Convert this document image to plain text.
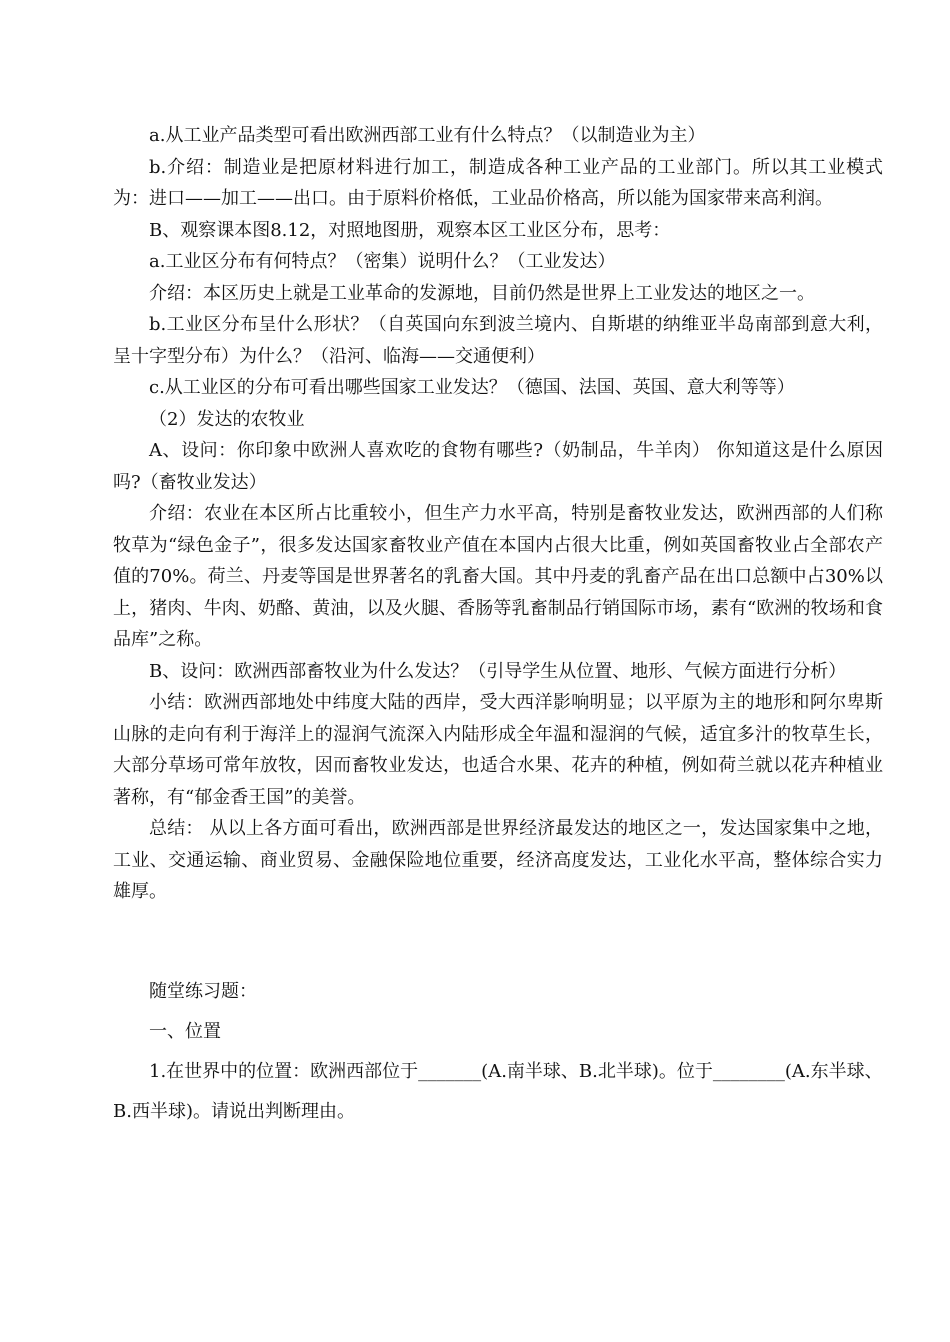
a.从工业产品类型可看出欧洲西部工业有什么特点？（以制造业为主）

b.介绍：制造业是把原材料进行加工，制造成各种工业产品的工业部门。所以其工业模式为：进口——加工——出口。由于原料价格低，工业品价格高，所以能为国家带来高利润。

B、观察课本图8.12，对照地图册，观察本区工业区分布，思考：

a.工业区分布有何特点？（密集）说明什么？（工业发达）

介绍：本区历史上就是工业革命的发源地，目前仍然是世界上工业发达的地区之一。

b.工业区分布呈什么形状？（自英国向东到波兰境内、自斯堪的纳维亚半岛南部到意大利，呈十字型分布）为什么？（沿河、临海——交通便利）

c.从工业区的分布可看出哪些国家工业发达？（德国、法国、英国、意大利等等）

（2）发达的农牧业

A、设问：你印象中欧洲人喜欢吃的食物有哪些?（奶制品，牛羊肉） 你知道这是什么原因吗?（畜牧业发达）

介绍：农业在本区所占比重较小，但生产力水平高，特别是畜牧业发达，欧洲西部的人们称牧草为“绿色金子”，很多发达国家畜牧业产值在本国内占很大比重，例如英国畜牧业占全部农产值的70%。荷兰、丹麦等国是世界著名的乳畜大国。其中丹麦的乳畜产品在出口总额中占30%以上，猪肉、牛肉、奶酪、黄油，以及火腿、香肠等乳畜制品行销国际市场，素有“欧洲的牧场和食品库”之称。

B、设问：欧洲西部畜牧业为什么发达？（引导学生从位置、地形、气候方面进行分析）

小结：欧洲西部地处中纬度大陆的西岸，受大西洋影响明显；以平原为主的地形和阿尔卑斯山脉的走向有利于海洋上的湿润气流深入内陆形成全年温和湿润的气候，适宜多汁的牧草生长，大部分草场可常年放牧，因而畜牧业发达，也适合水果、花卉的种植，例如荷兰就以花卉种植业著称，有“郁金香王国”的美誉。

总结： 从以上各方面可看出，欧洲西部是世界经济最发达的地区之一，发达国家集中之地，工业、交通运输、商业贸易、金融保险地位重要，经济高度发达，工业化水平高，整体综合实力雄厚。

随堂练习题：

一、位置

1.在世界中的位置：欧洲西部位于_______(A.南半球、B.北半球)。位于________(A.东半球、B.西半球)。请说出判断理由。
